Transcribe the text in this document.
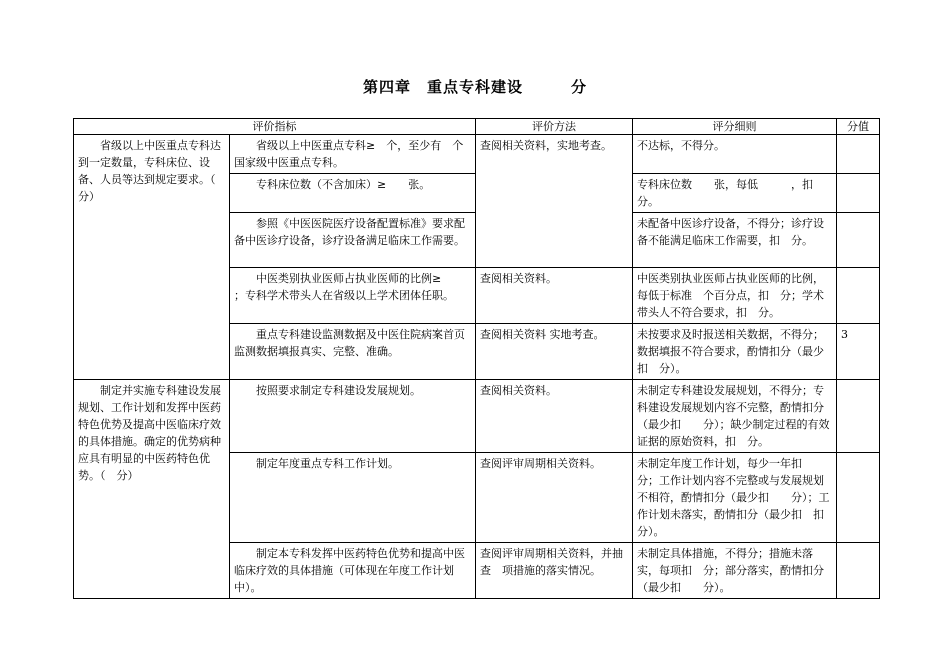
第四章　重点专科建设　　　分
评价指标		评价方法	评分细则	分值
省级以上中医重点专科达到一定数量，专科床位、设备、人员等达到规定要求。（　　分）	省级以上中医重点专科≥　个，至少有　个国家级中医重点专科。	查阅相关资料，实地考查。	不达标，不得分。	
	专科床位数（不含加床）≥　　张。		专科床位数　　张，每低　　　，扣　分。	
	参照《中医医院医疗设备配置标准》要求配备中医诊疗设备，诊疗设备满足临床工作需要。		未配备中医诊疗设备，不得分；诊疗设备不能满足临床工作需要，扣　分。	
	中医类别执业医师占执业医师的比例≥　　；专科学术带头人在省级以上学术团体任职。	查阅相关资料。	中医类别执业医师占执业医师的比例，每低于标准　个百分点，扣　分；学术带头人不符合要求，扣　分。	
	重点专科建设监测数据及中医住院病案首页监测数据填报真实、完整、准确。	查阅相关资料 实地考查。	未按要求及时报送相关数据，不得分；数据填报不符合要求，酌情扣分（最少扣　分）。	3
制定并实施专科建设发展规划、工作计划和发挥中医药特色优势及提高中医临床疗效的具体措施。确定的优势病种应具有明显的中医药特色优势。（　分）	按照要求制定专科建设发展规划。	查阅相关资料。	未制定专科建设发展规划，不得分；专科建设发展规划内容不完整，酌情扣分（最少扣　　分）；缺少制定过程的有效证据的原始资料，扣　分。	
	制定年度重点专科工作计划。	查阅评审周期相关资料。	未制定年度工作计划，每少一年扣　分；工作计划内容不完整或与发展规划不相符，酌情扣分（最少扣　　分）；工作计划未落实，酌情扣分（最少扣　扣　分）。	
	制定本专科发挥中医药特色优势和提高中医临床疗效的具体措施（可体现在年度工作计划中）。	查阅评审周期相关资料，并抽查　项措施的落实情况。	未制定具体措施，不得分；措施未落实，每项扣　分；部分落实，酌情扣分（最少扣　　分）。	
